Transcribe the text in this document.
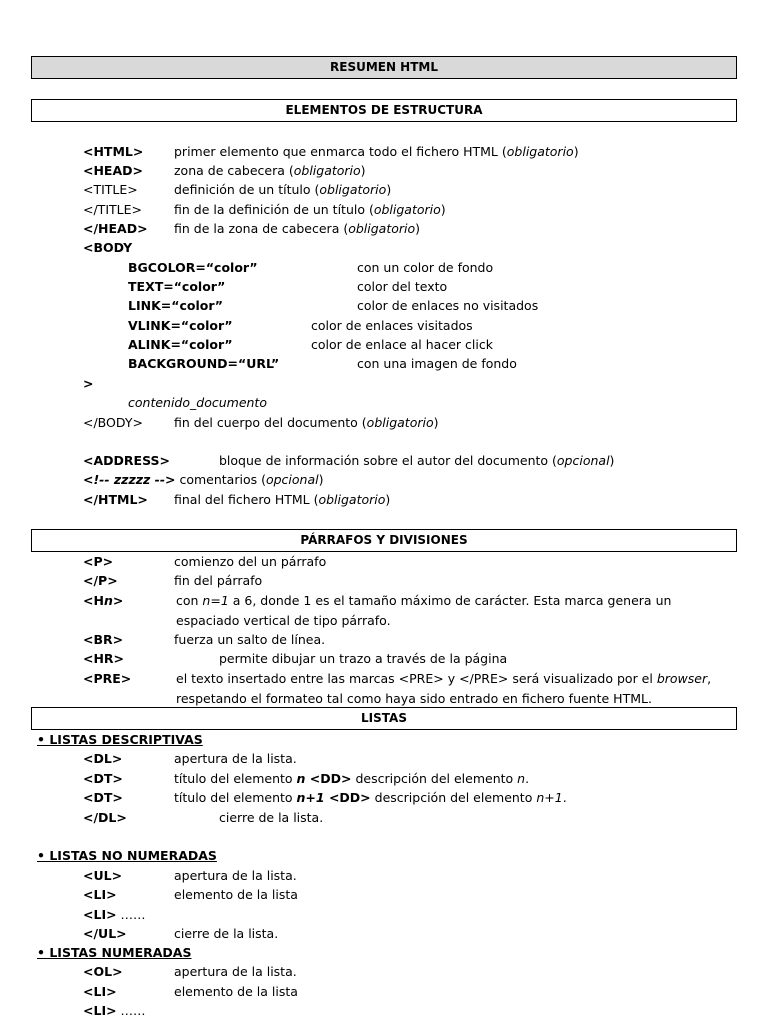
RESUMEN HTML
ELEMENTOS DE ESTRUCTURA
<HTML> primer elemento que enmarca todo el fichero HTML (obligatorio)
<HEAD> zona de cabecera (obligatorio)
<TITLE>	definición de un título (obligatorio)
</TITLE>	fin de la definición de un título (obligatorio)
</HEAD> fin de la zona de cabecera (obligatorio)
<BODY
BGCOLOR=“color”	con un color de fondo
TEXT=“color”	color del texto
LINK=“color”	color de enlaces no visitados
VLINK=“color”	color de enlaces visitados
ALINK=“color”	color de enlace al hacer click
BACKGROUND=“URL”	con una imagen de fondo
>
contenido_documento
</BODY> fin del cuerpo del documento (obligatorio)
<ADDRESS>	bloque de información sobre el autor del documento (opcional)
<!-- zzzzz --> comentarios (opcional)
</HTML> final del fichero HTML (obligatorio)
PÁRRAFOS Y DIVISIONES
<P>	comienzo del un párrafo
</P>	fin del párrafo
<Hn>	con n=1 a 6, donde 1 es el tamaño máximo de carácter. Esta marca genera un espaciado vertical de tipo párrafo.
<BR>	fuerza un salto de línea.
<HR>	permite dibujar un trazo a través de la página
<PRE>	el texto insertado entre las marcas <PRE> y </PRE> será visualizado por el browser, respetando el formateo tal como haya sido entrado en fichero fuente HTML.
LISTAS
• LISTAS DESCRIPTIVAS
<DL>	apertura de la lista.
<DT>	título del elemento n <DD> descripción del elemento n.
<DT>	título del elemento n+1 <DD> descripción del elemento n+1.
</DL>	cierre de la lista.
• LISTAS NO NUMERADAS
<UL>	apertura de la lista.
<LI>	elemento de la lista
<LI> ……
</UL>	cierre de la lista.
• LISTAS NUMERADAS
<OL>	apertura de la lista.
<LI>	elemento de la lista
<LI> ……
